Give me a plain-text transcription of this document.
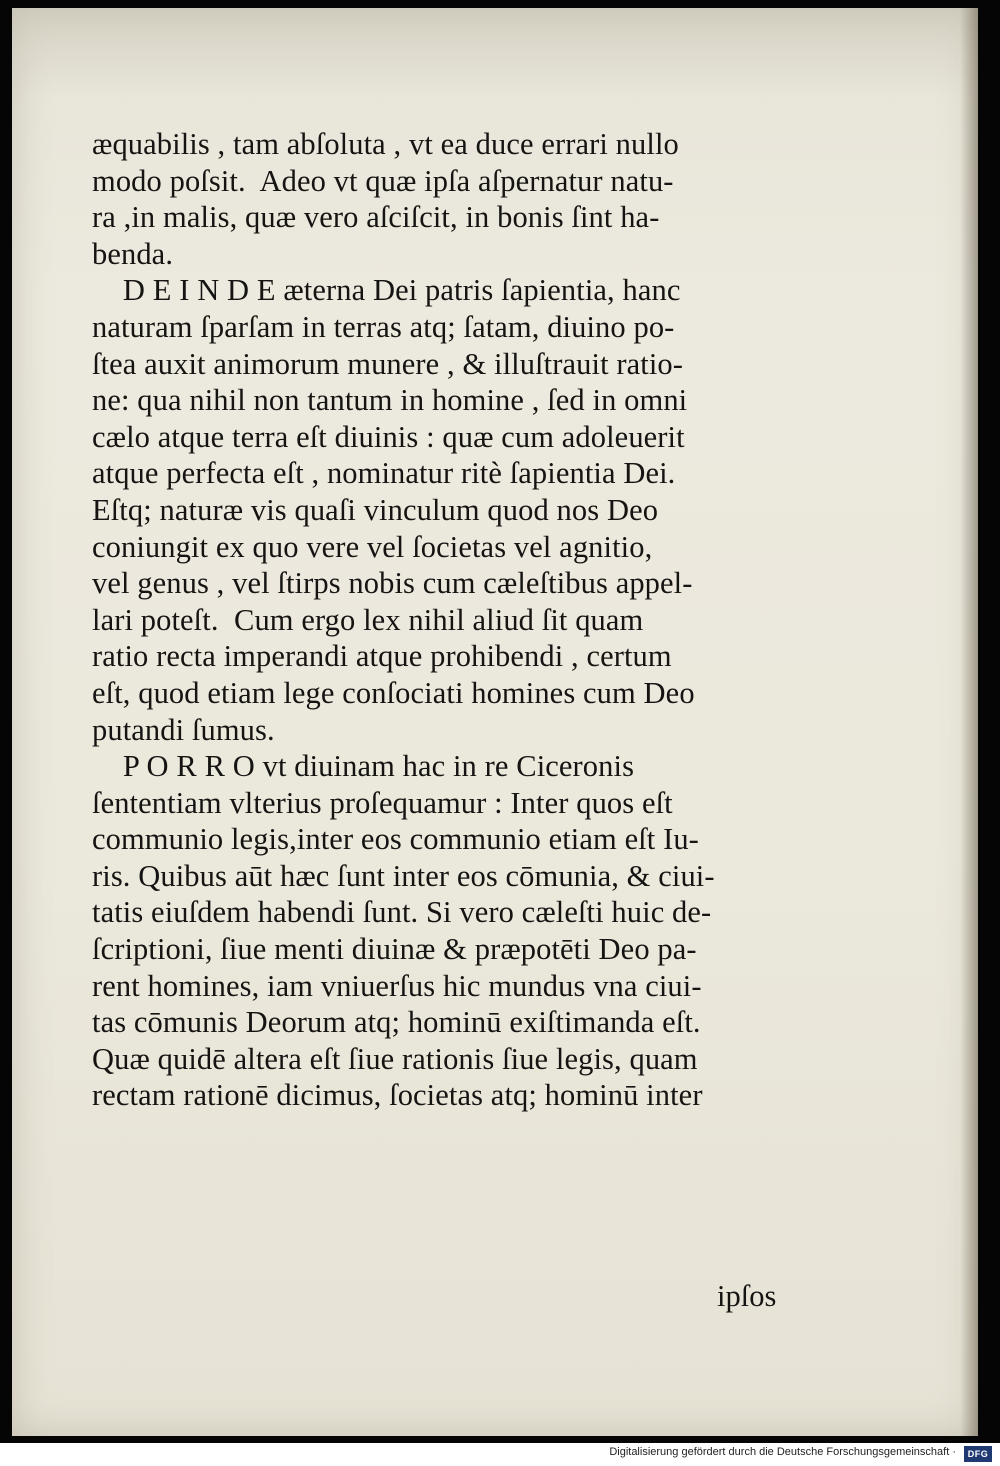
æquabilis , tam abſoluta , vt ea duce errari nullo
modo poſsit.  Adeo vt quæ ipſa aſpernatur natu-
ra ,in malis, quæ vero aſciſcit, in bonis ſint ha-
benda.
D E I N D E æterna Dei patris ſapientia, hanc
naturam ſparſam in terras atq; ſatam, diuino po-
ſtea auxit animorum munere , & illuſtrauit ratio-
ne: qua nihil non tantum in homine , ſed in omni
cælo atque terra eſt diuinis : quæ cum adoleuerit
atque perfecta eſt , nominatur ritè ſapientia Dei.
Eſtq; naturæ vis quaſi vinculum quod nos Deo
coniungit ex quo vere vel ſocietas vel agnitio,
vel genus , vel ſtirps nobis cum cæleſtibus appel-
lari poteſt.  Cum ergo lex nihil aliud ſit quam
ratio recta imperandi atque prohibendi , certum
eſt, quod etiam lege conſociati homines cum Deo
putandi ſumus.
P O R R O vt diuinam hac in re Ciceronis
ſententiam vlterius proſequamur : Inter quos eſt
communio legis,inter eos communio etiam eſt Iu-
ris. Quibus aūt hæc ſunt inter eos cōmunia, & ciui-
tatis eiuſdem habendi ſunt. Si vero cæleſti huic de-
ſcriptioni, ſiue menti diuinæ & præpotēti Deo pa-
rent homines, iam vniuerſus hic mundus vna ciui-
tas cōmunis Deorum atq; hominū exiſtimanda eſt.
Quæ quidē altera eſt ſiue rationis ſiue legis, quam
rectam rationē dicimus, ſocietas atq; hominū inter
ipſos
Digitalisierung gefördert durch die Deutsche Forschungsgemeinschaft ·	DFG
